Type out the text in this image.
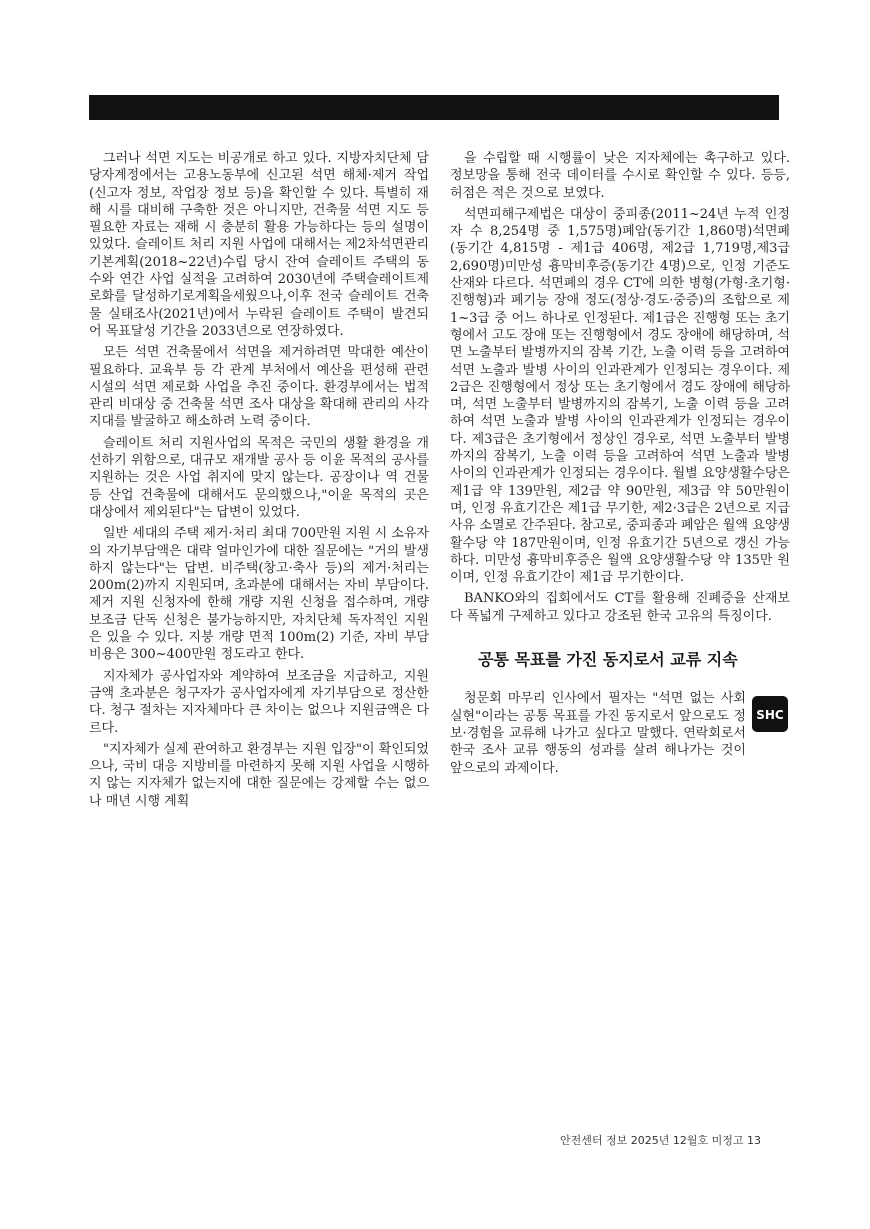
그러나 석면 지도는 비공개로 하고 있다. 지방자치단체 담당자계정에서는 고용노동부에 신고된 석면 해체·제거 작업(신고자 정보, 작업장 정보 등)을 확인할 수 있다. 특별히 재해 시를 대비해 구축한 것은 아니지만, 건축물 석면 지도 등 필요한 자료는 재해 시 충분히 활용 가능하다는 등의 설명이 있었다. 슬레이트 처리 지원 사업에 대해서는 제2차석면관리 기본계획(2018~22년)수립 당시 잔여 슬레이트 주택의 동수와 연간 사업 실적을 고려하여 2030년에 주택슬레이트제로화를 달성하기로계획을세웠으나,이후 전국 슬레이트 건축물 실태조사(2021년)에서 누락된 슬레이트 주택이 발견되어 목표달성 기간을 2033년으로 연장하였다.

모든 석면 건축물에서 석면을 제거하려면 막대한 예산이 필요하다. 교육부 등 각 관계 부처에서 예산을 편성해 관련 시설의 석면 제로화 사업을 추진 중이다. 환경부에서는 법적 관리 비대상 중 건축물 석면 조사 대상을 확대해 관리의 사각지대를 발굴하고 해소하려 노력 중이다.

슬레이트 처리 지원사업의 목적은 국민의 생활 환경을 개선하기 위함으로, 대규모 재개발 공사 등 이윤 목적의 공사를 지원하는 것은 사업 취지에 맞지 않는다. 공장이나 역 건물 등 산업 건축물에 대해서도 문의했으나,"이윤 목적의 곳은 대상에서 제외된다"는 답변이 있었다.

일반 세대의 주택 제거·처리 최대 700만원 지원 시 소유자의 자기부담액은 대략 얼마인가에 대한 질문에는 "거의 발생하지 않는다"는 답변. 비주택(창고·축사 등)의 제거·처리는 200m(2)까지 지원되며, 초과분에 대해서는 자비 부담이다. 제거 지원 신청자에 한해 개량 지원 신청을 접수하며, 개량 보조금 단독 신청은 불가능하지만, 자치단체 독자적인 지원은 있을 수 있다. 지붕 개량 면적 100m(2) 기준, 자비 부담 비용은 300~400만원 정도라고 한다.

지자체가 공사업자와 계약하여 보조금을 지급하고, 지원금액 초과분은 청구자가 공사업자에게 자기부담으로 정산한다. 청구 절차는 지자체마다 큰 차이는 없으나 지원금액은 다르다.

"지자체가 실제 관여하고 환경부는 지원 입장"이 확인되었으나, 국비 대응 지방비를 마련하지 못해 지원 사업을 시행하지 않는 지자체가 없는지에 대한 질문에는 강제할 수는 없으나 매년 시행 계획

을 수립할 때 시행률이 낮은 지자체에는 촉구하고 있다. 정보망을 통해 전국 데이터를 수시로 확인할 수 있다. 등등, 허점은 적은 것으로 보였다.

석면피해구제법은 대상이 중피종(2011~24년 누적 인정자 수 8,254명 중 1,575명)폐암(동기간 1,860명)석면폐(동기간 4,815명 - 제1급 406명, 제2급 1,719명,제3급 2,690명)미만성 흉막비후증(동기간 4명)으로, 인정 기준도 산재와 다르다. 석면폐의 경우 CT에 의한 병형(가형·초기형·진행형)과 폐기능 장애 정도(정상·경도·중증)의 조합으로 제1~3급 중 어느 하나로 인정된다. 제1급은 진행형 또는 초기형에서 고도 장애 또는 진행형에서 경도 장애에 해당하며, 석면 노출부터 발병까지의 잠복 기간, 노출 이력 등을 고려하여 석면 노출과 발병 사이의 인과관계가 인정되는 경우이다. 제2급은 진행형에서 정상 또는 초기형에서 경도 장애에 해당하며, 석면 노출부터 발병까지의 잠복기, 노출 이력 등을 고려하여 석면 노출과 발병 사이의 인과관계가 인정되는 경우이다. 제3급은 초기형에서 정상인 경우로, 석면 노출부터 발병까지의 잠복기, 노출 이력 등을 고려하여 석면 노출과 발병 사이의 인과관계가 인정되는 경우이다. 월별 요양생활수당은 제1급 약 139만원, 제2급 약 90만원, 제3급 약 50만원이며, 인정 유효기간은 제1급 무기한, 제2·3급은 2년으로 지급 사유 소멸로 간주된다. 참고로, 중피종과 폐암은 월액 요양생활수당 약 187만원이며, 인정 유효기간 5년으로 갱신 가능하다. 미만성 흉막비후증은 월액 요양생활수당 약 135만 원이며, 인정 유효기간이 제1급 무기한이다.

BANKO와의 집회에서도 CT를 활용해 진폐증을 산재보다 폭넓게 구제하고 있다고 강조된 한국 고유의 특징이다.

공통 목표를 가진 동지로서 교류 지속

청문회 마무리 인사에서 필자는 "석면 없는 사회 실현"이라는 공통 목표를 가진 동지로서 앞으로도 정보·경험을 교류해 나가고 싶다고 말했다. 연락회로서 한국 조사 교류 행동의 성과를 살려 해나가는 것이 앞으로의 과제이다.

SHC
안전센터 정보 2025년 12월호 미정고 13
